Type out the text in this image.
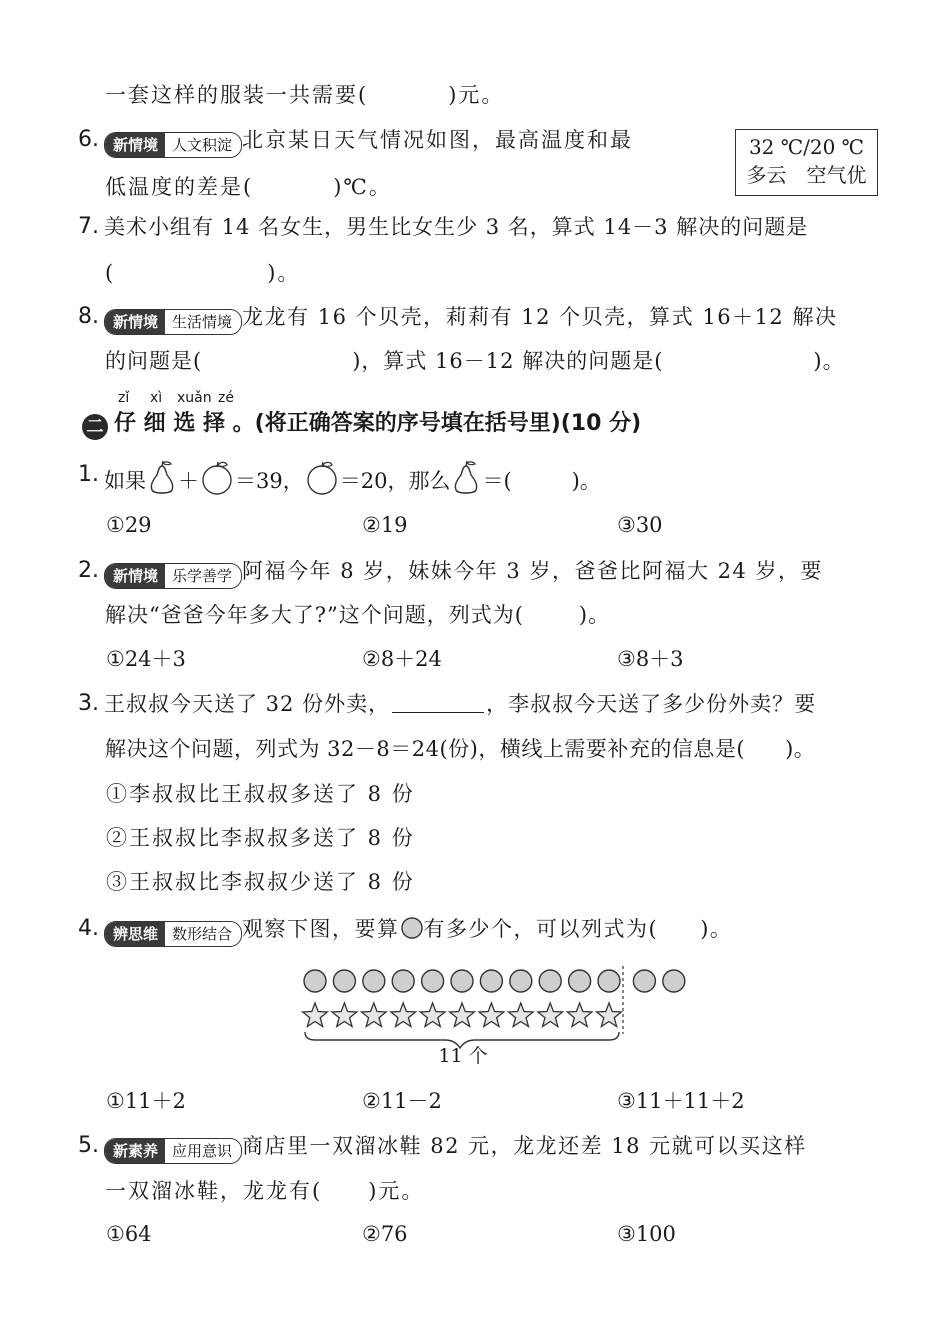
一套这样的服装一共需要(	)元。
6. 新情境 人文积淀 北京某日天气情况如图，最高温度和最
低温度的差是(	)℃。
32 ℃/20 ℃
多云　空气优
7. 美术小组有 14 名女生，男生比女生少 3 名，算式 14－3 解决的问题是
(	)。
8. 新情境 生活情境 龙龙有 16 个贝壳，莉莉有 12 个贝壳，算式 16＋12 解决
的问题是(	)，算式 16－12 解决的问题是(	)。
zǐ xì xuǎn zé
二 仔 细 选 择 。(将正确答案的序号填在括号里)(10 分)
1. 如果 ＋ ＝39， ＝20，那么 ＝(	)。
①29	②19	③30
2. 新情境 乐学善学 阿福今年 8 岁，妹妹今年 3 岁，爸爸比阿福大 24 岁，要
解决“爸爸今年多大了?”这个问题，列式为(	)。
①24＋3	②8＋24	③8＋3
3. 王叔叔今天送了 32 份外卖，	，李叔叔今天送了多少份外卖？要
解决这个问题，列式为 32－8＝24(份)，横线上需要补充的信息是( )。
①李叔叔比王叔叔多送了 8 份
②王叔叔比李叔叔多送了 8 份
③王叔叔比李叔叔少送了 8 份
4. 辨思维 数形结合 观察下图，要算 有多少个，可以列式为( )。
11 个
①11＋2	②11－2	③11＋11＋2
5. 新素养 应用意识 商店里一双溜冰鞋 82 元，龙龙还差 18 元就可以买这样
一双溜冰鞋，龙龙有( )元。
①64	②76	③100
